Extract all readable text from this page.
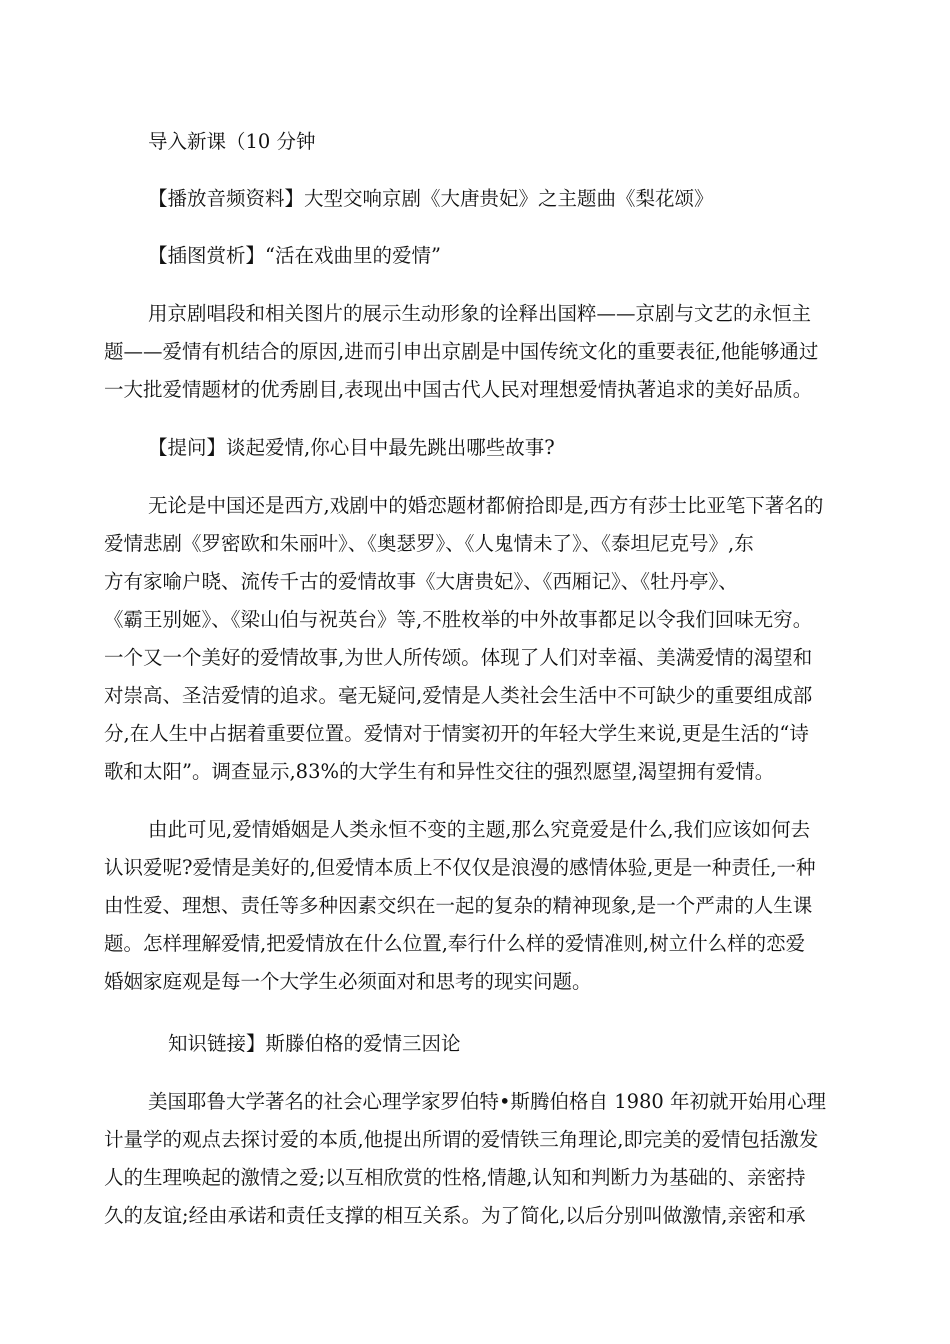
导入新课（10 分钟
【播放音频资料】大型交响京剧《大唐贵妃》之主题曲《梨花颂》
【插图赏析】“活在戏曲里的爱情”
用京剧唱段和相关图片的展示生动形象的诠释出国粹——京剧与文艺的永恒主
题——爱情有机结合的原因,进而引申出京剧是中国传统文化的重要表征,他能够通过
一大批爱情题材的优秀剧目,表现出中国古代人民对理想爱情执著追求的美好品质。
【提问】谈起爱情,你心目中最先跳出哪些故事?
无论是中国还是西方,戏剧中的婚恋题材都俯拾即是,西方有莎士比亚笔下著名的
爱情悲剧《罗密欧和朱丽叶》、《奥瑟罗》、《人鬼情未了》、《泰坦尼克号》,东
方有家喻户晓、流传千古的爱情故事《大唐贵妃》、《西厢记》、《牡丹亭》、
《霸王别姬》、《梁山伯与祝英台》等,不胜枚举的中外故事都足以令我们回味无穷。
一个又一个美好的爱情故事,为世人所传颂。体现了人们对幸福、美满爱情的渴望和
对崇高、圣洁爱情的追求。毫无疑问,爱情是人类社会生活中不可缺少的重要组成部
分,在人生中占据着重要位置。爱情对于情窦初开的年轻大学生来说,更是生活的“诗
歌和太阳”。调查显示,83%的大学生有和异性交往的强烈愿望,渴望拥有爱情。
由此可见,爱情婚姻是人类永恒不变的主题,那么究竟爱是什么,我们应该如何去
认识爱呢?爱情是美好的,但爱情本质上不仅仅是浪漫的感情体验,更是一种责任,一种
由性爱、理想、责任等多种因素交织在一起的复杂的精神现象,是一个严肃的人生课
题。怎样理解爱情,把爱情放在什么位置,奉行什么样的爱情准则,树立什么样的恋爱
婚姻家庭观是每一个大学生必须面对和思考的现实问题。
知识链接】斯滕伯格的爱情三因论
美国耶鲁大学著名的社会心理学家罗伯特•斯腾伯格自 1980 年初就开始用心理
计量学的观点去探讨爱的本质,他提出所谓的爱情铁三角理论,即完美的爱情包括激发
人的生理唤起的激情之爱;以互相欣赏的性格,情趣,认知和判断力为基础的、亲密持
久的友谊;经由承诺和责任支撑的相互关系。为了简化,以后分别叫做激情,亲密和承
